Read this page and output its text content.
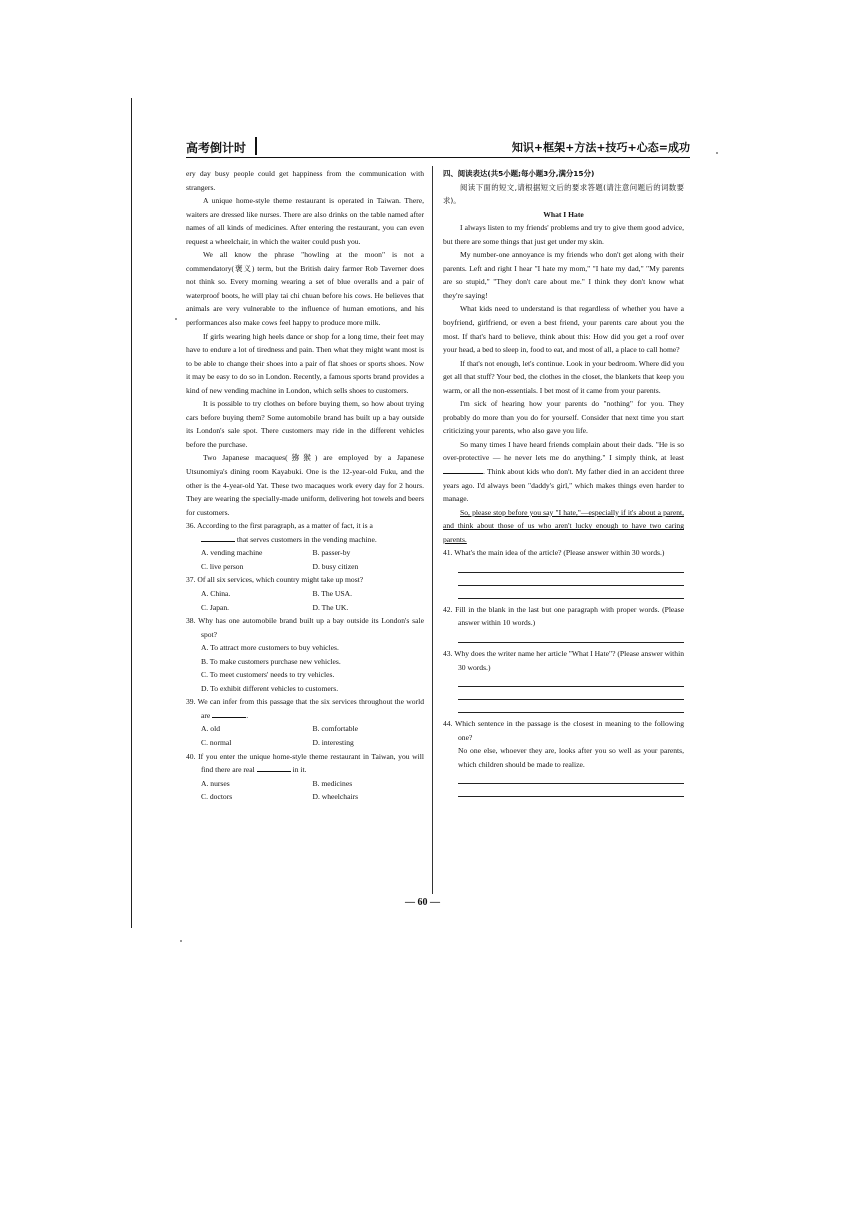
高考倒计时	知识+框架+方法+技巧+心态=成功

ery day busy people could get happiness from the communication with strangers.

A unique home-style theme restaurant is operated in Taiwan. There, waiters are dressed like nurses. There are also drinks on the table named after names of all kinds of medicines. After entering the restaurant, you can even request a wheelchair, in which the waiter could push you.

We all know the phrase "howling at the moon" is not a commendatory(褒义) term, but the British dairy farmer Rob Taverner does not think so. Every morning wearing a set of blue overalls and a pair of waterproof boots, he will play tai chi chuan before his cows. He believes that animals are very vulnerable to the influence of human emotions, and his performances also make cows feel happy to produce more milk.

If girls wearing high heels dance or shop for a long time, their feet may have to endure a lot of tiredness and pain. Then what they might want most is to be able to change their shoes into a pair of flat shoes or sports shoes. Now it may be easy to do so in London. Recently, a famous sports brand provides a kind of new vending machine in London, which sells shoes to customers.

It is possible to try clothes on before buying them, so how about trying cars before buying them? Some automobile brand has built up a bay outside its London's sale spot. There customers may ride in the different vehicles before the purchase.

Two Japanese macaques(猕猴) are employed by a Japanese Utsunomiya's dining room Kayabuki. One is the 12-year-old Fuku, and the other is the 4-year-old Yat. These two macaques work every day for 2 hours. They are wearing the specially-made uniform, delivering hot towels and beers for customers.

36. According to the first paragraph, as a matter of fact, it is a
that serves customers in the vending machine.
A. vending machine	B. passer-by
C. live person	D. busy citizen
37. Of all six services, which country might take up most?
A. China.	B. The USA.
C. Japan.	D. The UK.
38. Why has one automobile brand built up a bay outside its London's sale spot?
A. To attract more customers to buy vehicles.
B. To make customers purchase new vehicles.
C. To meet customers' needs to try vehicles.
D. To exhibit different vehicles to customers.
39. We can infer from this passage that the six services throughout the world are	.
A. old	B. comfortable
C. normal	D. interesting
40. If you enter the unique home-style theme restaurant in Taiwan, you will find there are real	in it.
A. nurses	B. medicines
C. doctors	D. wheelchairs

四、阅读表达(共5小题;每小题3分,满分15分)

阅读下面的短文,请根据短文后的要求答题(请注意问题后的词数要求)。

What I Hate

I always listen to my friends' problems and try to give them good advice, but there are some things that just get under my skin.

My number-one annoyance is my friends who don't get along with their parents. Left and right I hear "I hate my mom," "I hate my dad," "My parents are so stupid," "They don't care about me." I think they don't know what they're saying!

What kids need to understand is that regardless of whether you have a boyfriend, girlfriend, or even a best friend, your parents care about you the most. If that's hard to believe, think about this: How did you get a roof over your head, a bed to sleep in, food to eat, and most of all, a place to call home?

If that's not enough, let's continue. Look in your bedroom. Where did you get all that stuff? Your bed, the clothes in the closet, the blankets that keep you warm, or all the non-essentials. I bet most of it came from your parents.

I'm sick of hearing how your parents do "nothing" for you. They probably do more than you do for yourself. Consider that next time you start criticizing your parents, who also gave you life.

So many times I have heard friends complain about their dads. "He is so over-protective — he never lets me do anything." I simply think, at least . Think about kids who don't. My father died in an accident three years ago. I'd always been "daddy's girl," which makes things even harder to manage.

So, please stop before you say "I hate,"—especially if it's about a parent, and think about those of us who aren't lucky enough to have two caring parents.

41. What's the main idea of the article? (Please answer within 30 words.)
42. Fill in the blank in the last but one paragraph with proper words. (Please answer within 10 words.)
43. Why does the writer name her article "What I Hate"? (Please answer within 30 words.)
44. Which sentence in the passage is the closest in meaning to the following one?
No one else, whoever they are, looks after you so well as your parents, which children should be made to realize.
— 60 —
